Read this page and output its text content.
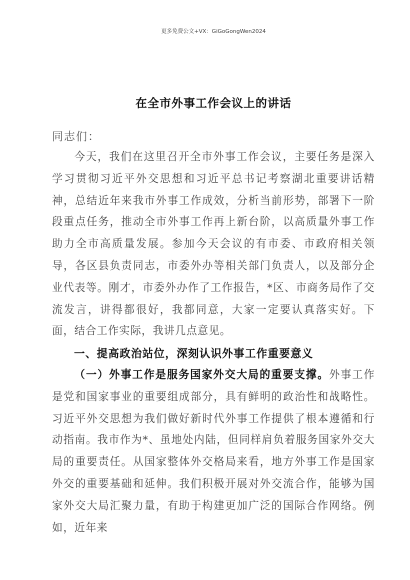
更多免费公文+VX：GiGoGongWen2024
在全市外事工作会议上的讲话
同志们：

今天，我们在这里召开全市外事工作会议，主要任务是深入学习贯彻习近平外交思想和习近平总书记考察湖北重要讲话精神，总结近年来我市外事工作成效，分析当前形势，部署下一阶段重点任务，推动全市外事工作再上新台阶，以高质量外事工作助力全市高质量发展。参加今天会议的有市委、市政府相关领导，各区县负责同志，市委外办等相关部门负责人，以及部分企业代表等。刚才，市委外办作了工作报告，*区、市商务局作了交流发言，讲得都很好，我都同意，大家一定要认真落实好。下面，结合工作实际，我讲几点意见。

一、提高政治站位，深刻认识外事工作重要意义

（一）外事工作是服务国家外交大局的重要支撑。外事工作是党和国家事业的重要组成部分，具有鲜明的政治性和战略性。习近平外交思想为我们做好新时代外事工作提供了根本遵循和行动指南。我市作为*、虽地处内陆，但同样肩负着服务国家外交大局的重要责任。从国家整体外交格局来看，地方外事工作是国家外交的重要基础和延伸。我们积极开展对外交流合作，能够为国家外交大局汇聚力量，有助于构建更加广泛的国际合作网络。例如，近年来
